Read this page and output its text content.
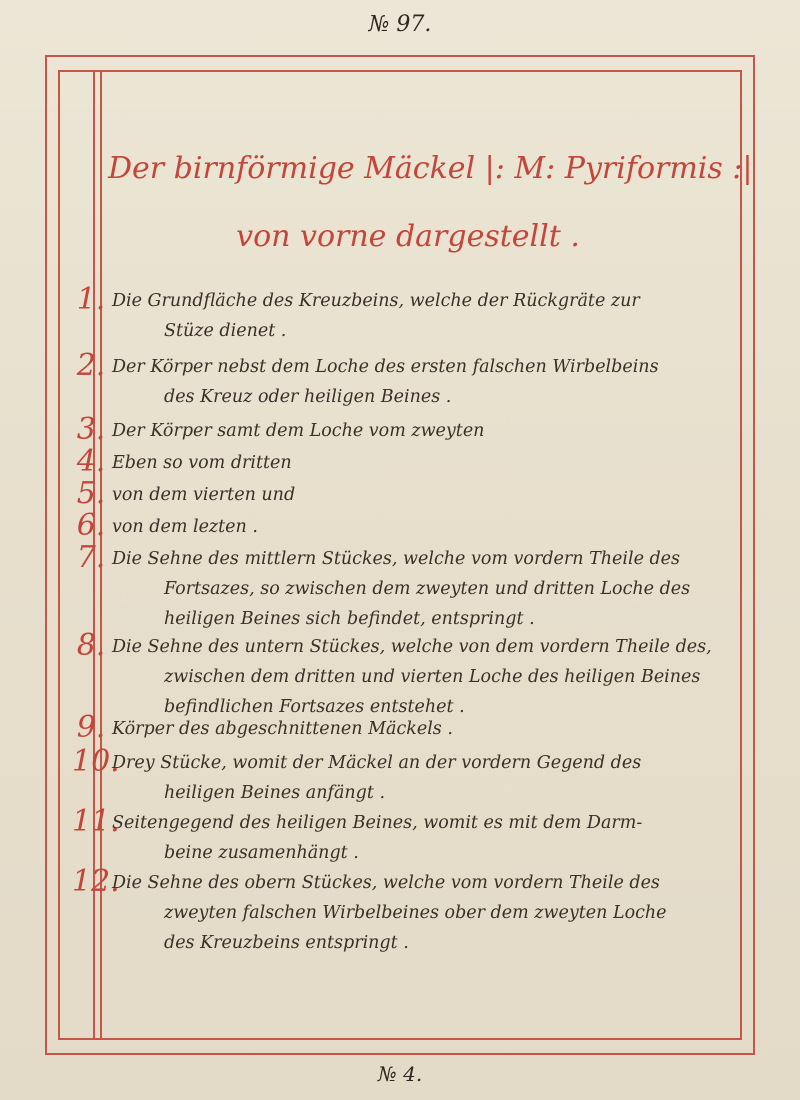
№ 97.
Der birnförmige Mäckel |: M: Pyriformis :|
von vorne dargestellt .
1. Die Grundfläche des Kreuzbeins, welche der Rückgräte zur
Stüze dienet .
2. Der Körper nebst dem Loche des ersten falschen Wirbelbeins
des Kreuz oder heiligen Beines .
3. Der Körper samt dem Loche vom zweyten
4. Eben so vom dritten
5. von dem vierten und
6. von dem lezten .
7. Die Sehne des mittlern Stückes, welche vom vordern Theile des
Fortsazes, so zwischen dem zweyten und dritten Loche des
heiligen Beines sich befindet, entspringt .
8. Die Sehne des untern Stückes, welche von dem vordern Theile des,
zwischen dem dritten und vierten Loche des heiligen Beines
befindlichen Fortsazes entstehet .
9. Körper des abgeschnittenen Mäckels .
10.
Drey Stücke, womit der Mäckel an der vordern Gegend des
heiligen Beines anfängt .
11.
Seitengegend des heiligen Beines, womit es mit dem Darm-
beine zusamenhängt .
12.
Die Sehne des obern Stückes, welche vom vordern Theile des
zweyten falschen Wirbelbeines ober dem zweyten Loche
des Kreuzbeins entspringt .
№ 4.
